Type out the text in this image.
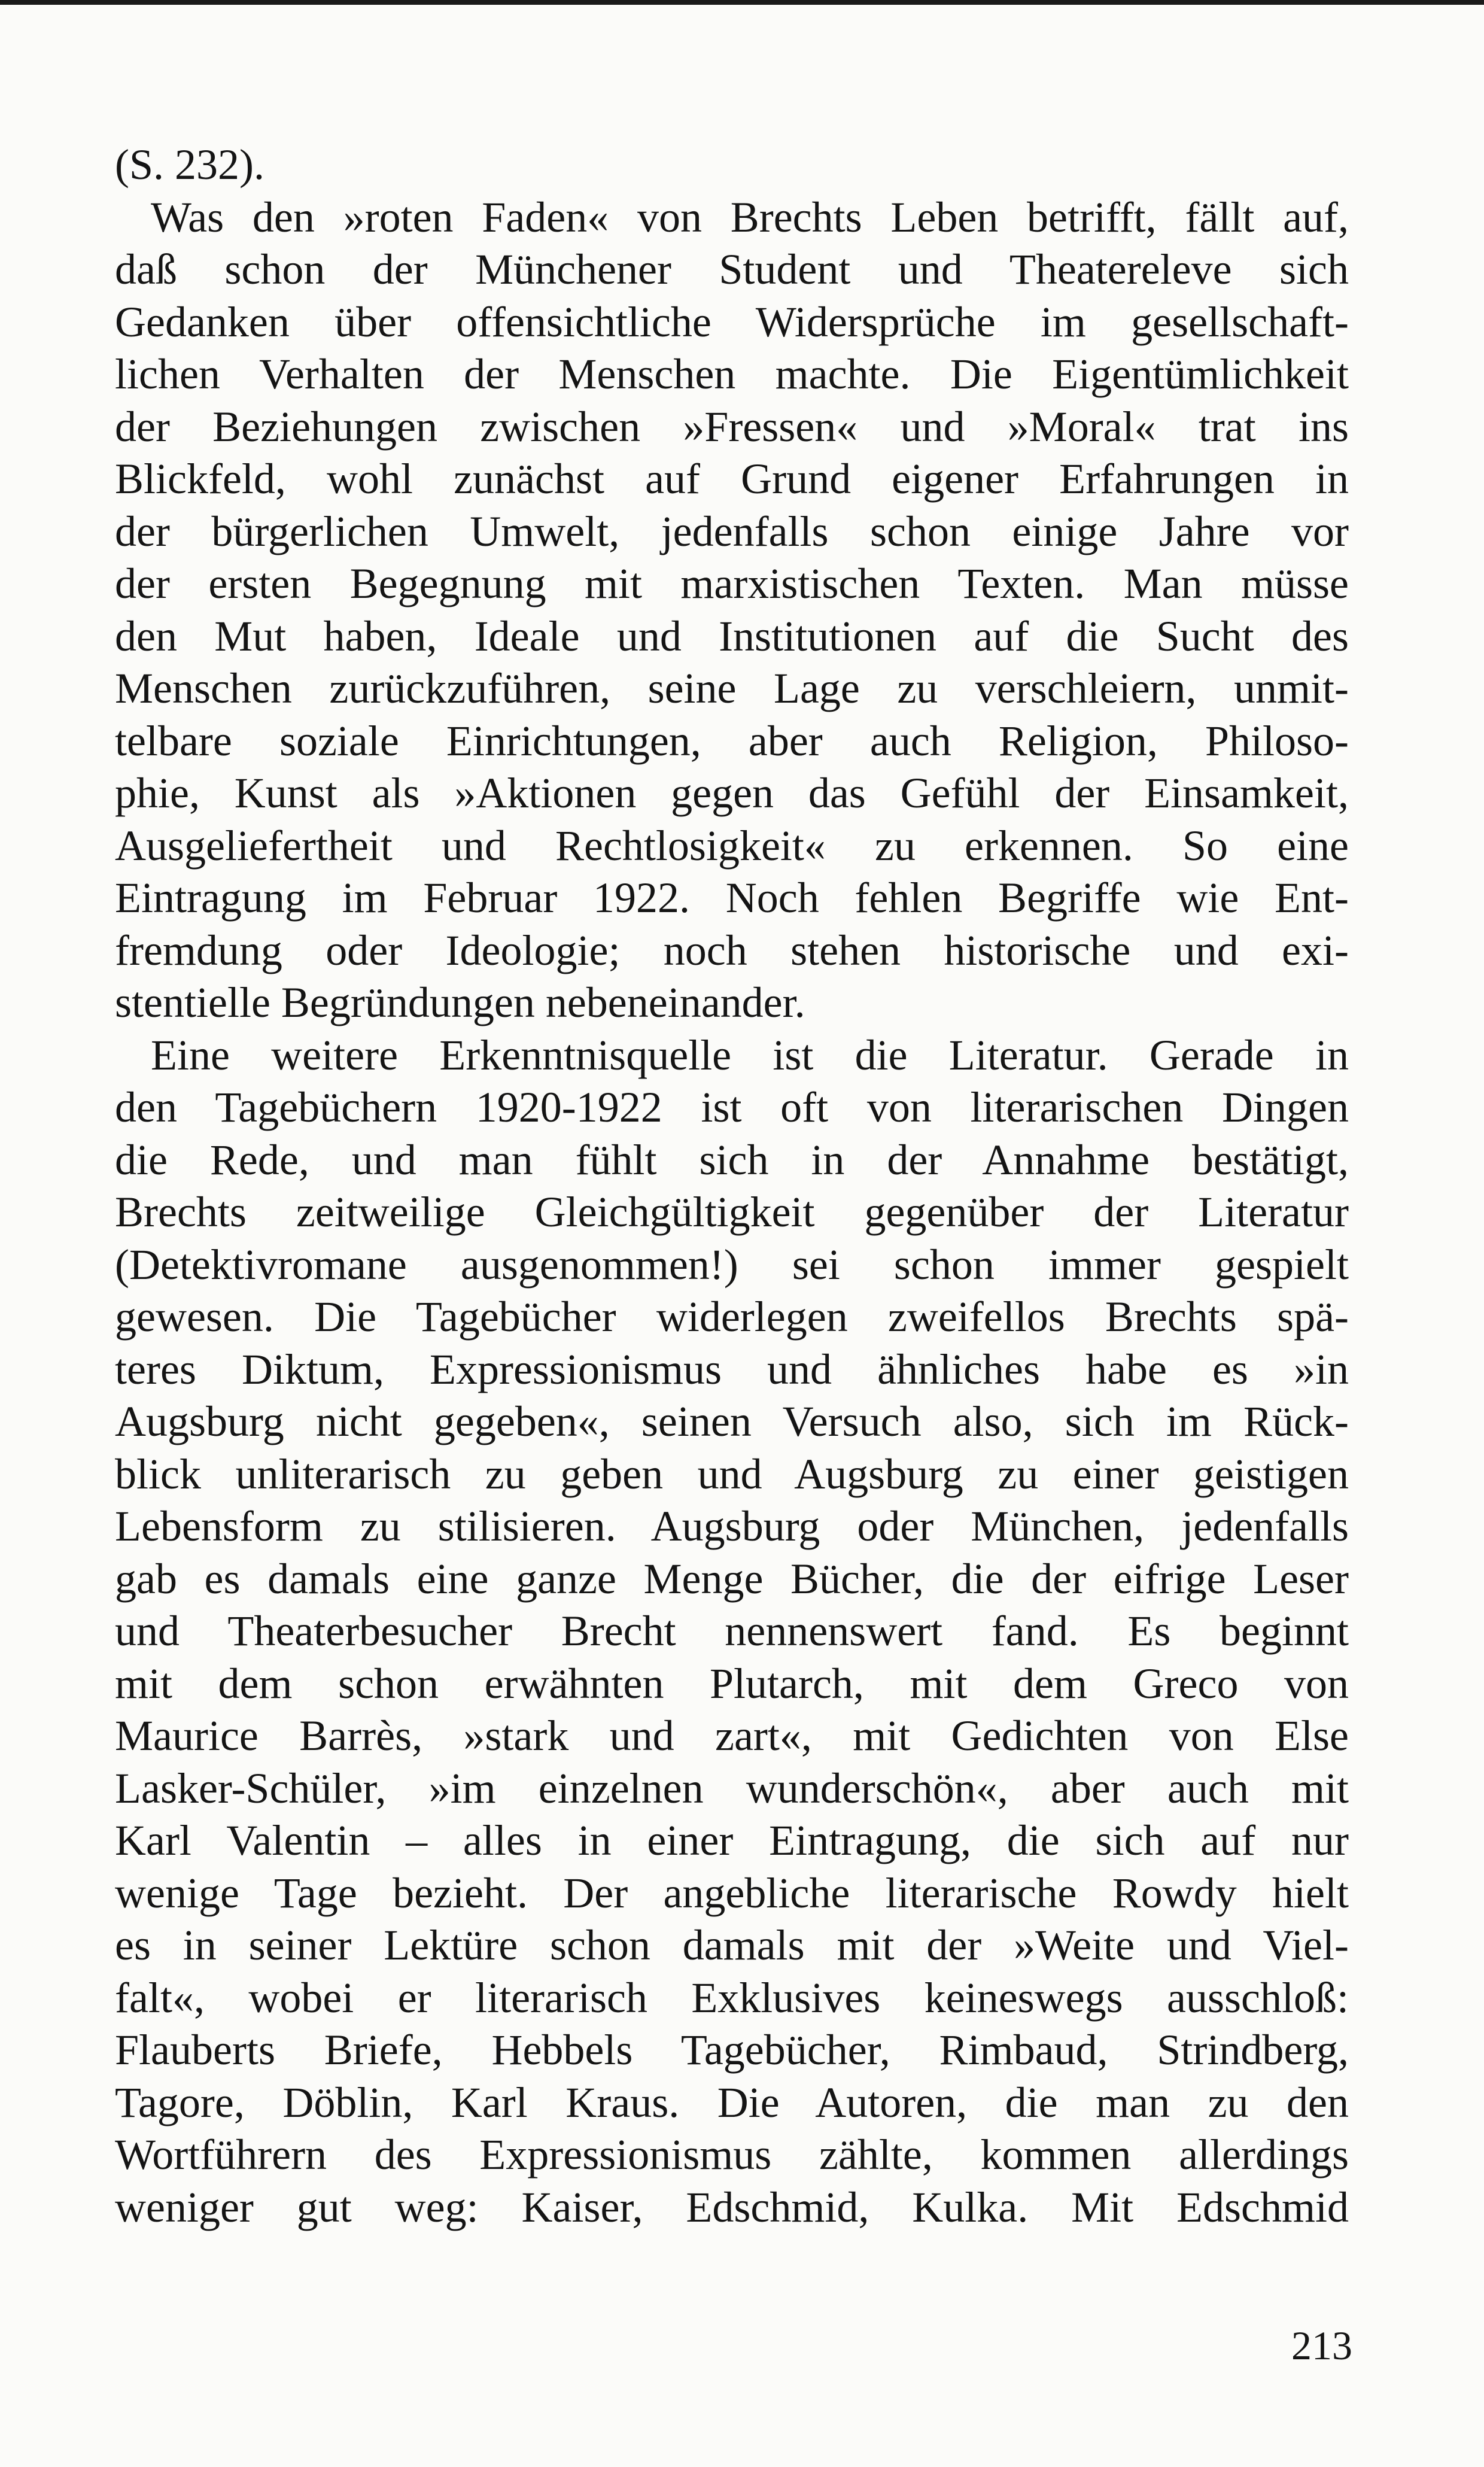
(S. 232).
Was den »roten Faden« von Brechts Leben betrifft, fällt auf,
daß schon der Münchener Student und Theatereleve sich
Gedanken über offensichtliche Widersprüche im gesellschaft-
lichen Verhalten der Menschen machte. Die Eigentümlichkeit
der Beziehungen zwischen »Fressen« und »Moral« trat ins
Blickfeld, wohl zunächst auf Grund eigener Erfahrungen in
der bürgerlichen Umwelt, jedenfalls schon einige Jahre vor
der ersten Begegnung mit marxistischen Texten. Man müsse
den Mut haben, Ideale und Institutionen auf die Sucht des
Menschen zurückzuführen, seine Lage zu verschleiern, unmit-
telbare soziale Einrichtungen, aber auch Religion, Philoso-
phie, Kunst als »Aktionen gegen das Gefühl der Einsamkeit,
Ausgeliefertheit und Rechtlosigkeit« zu erkennen. So eine
Eintragung im Februar 1922. Noch fehlen Begriffe wie Ent-
fremdung oder Ideologie; noch stehen historische und exi-
stentielle Begründungen nebeneinander.
Eine weitere Erkenntnisquelle ist die Literatur. Gerade in
den Tagebüchern 1920-1922 ist oft von literarischen Dingen
die Rede, und man fühlt sich in der Annahme bestätigt,
Brechts zeitweilige Gleichgültigkeit gegenüber der Literatur
(Detektivromane ausgenommen!) sei schon immer gespielt
gewesen. Die Tagebücher widerlegen zweifellos Brechts spä-
teres Diktum, Expressionismus und ähnliches habe es »in
Augsburg nicht gegeben«, seinen Versuch also, sich im Rück-
blick unliterarisch zu geben und Augsburg zu einer geistigen
Lebensform zu stilisieren. Augsburg oder München, jedenfalls
gab es damals eine ganze Menge Bücher, die der eifrige Leser
und Theaterbesucher Brecht nennenswert fand. Es beginnt
mit dem schon erwähnten Plutarch, mit dem Greco von
Maurice Barrès, »stark und zart«, mit Gedichten von Else
Lasker-Schüler, »im einzelnen wunderschön«, aber auch mit
Karl Valentin – alles in einer Eintragung, die sich auf nur
wenige Tage bezieht. Der angebliche literarische Rowdy hielt
es in seiner Lektüre schon damals mit der »Weite und Viel-
falt«, wobei er literarisch Exklusives keineswegs ausschloß:
Flauberts Briefe, Hebbels Tagebücher, Rimbaud, Strindberg,
Tagore, Döblin, Karl Kraus. Die Autoren, die man zu den
Wortführern des Expressionismus zählte, kommen allerdings
weniger gut weg: Kaiser, Edschmid, Kulka. Mit Edschmid
213
